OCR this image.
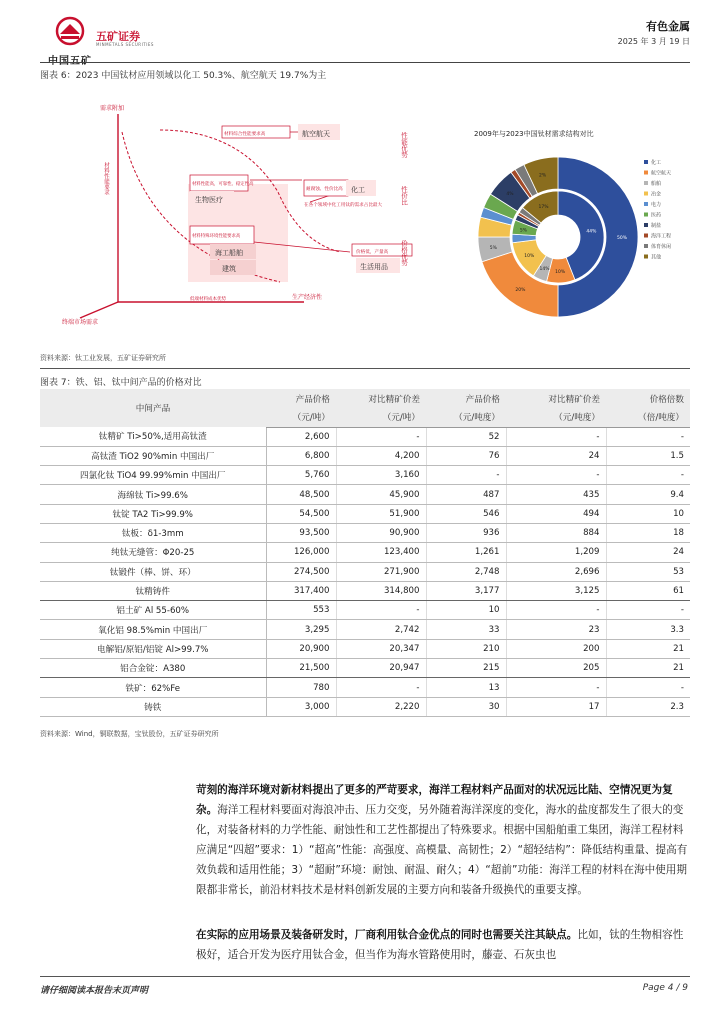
中国五矿
五矿证券
MINMETALS SECURITIES
有色金属
2025 年 3 月 19 日
图表 6：2023 中国钛材应用领域以化工 50.3%、航空航天 19.7%为主
需求附加
材料性能要求
生产经济性
低端材料成本优势
终端市场需求
性能优势
性价比
价格优势
材料综合性能要求高	航空航天
材料性能高，可靠性、稳定性高
生物医疗
耐腐蚀、性价比高 化工
在各个领域中化工用钛的需求占比最大
材料特殊环境性能要求高
海工船舶
建筑
价格低，产量高
生活用品
2009年与2023中国钛材需求结构对比
50%
20%
5%
4%
2%
44%
10%
14%
10%
5%
17%
化工
航空航天
船舶
冶金
电力
医药
制盐
海洋工程
体育休闲
其他
资料来源：钛工业发展，五矿证券研究所
图表 7：铁、铝、钛中间产品的价格对比
中间产品	产品价格	对比精矿价差	产品价格	对比精矿价差	价格倍数
	（元/吨）	（元/吨）	（元/吨度）	（元/吨度）	（倍/吨度）
钛精矿 Ti>50%,适用高钛渣	2,600	-	52	-	-
高钛渣 TiO2 90%min 中国出厂	6,800	4,200	76	24	1.5
四氯化钛 TiO4 99.99%min 中国出厂	5,760	3,160	-	-	-
海绵钛 Ti>99.6%	48,500	45,900	487	435	9.4
钛锭 TA2 Ti>99.9%	54,500	51,900	546	494	10
钛板：δ1-3mm	93,500	90,900	936	884	18
纯钛无缝管：Φ20-25	126,000	123,400	1,261	1,209	24
钛锻件（棒、饼、环）	274,500	271,900	2,748	2,696	53
钛精铸件	317,400	314,800	3,177	3,125	61
铝土矿 Al 55-60%	553	-	10	-	-
氧化铝 98.5%min 中国出厂	3,295	2,742	33	23	3.3
电解铝/原铝/铝锭 Al>99.7%	20,900	20,347	210	200	21
铝合金锭：A380	21,500	20,947	215	205	21
铁矿：62%Fe	780	-	13	-	-
铸铁	3,000	2,220	30	17	2.3
资料来源：Wind，铜联数据，宝钛股份，五矿证券研究所
苛刻的海洋环境对新材料提出了更多的严苛要求，海洋工程材料产品面对的状况远比陆、空情况更为复杂。海洋工程材料要面对海浪冲击、压力交变，另外随着海洋深度的变化，海水的盐度都发生了很大的变化，对装备材料的力学性能、耐蚀性和工艺性都提出了特殊要求。根据中国船舶重工集团，海洋工程材料应满足“四超”要求：1）“超高”性能：高强度、高模量、高韧性；2）“超轻结构”：降低结构重量、提高有效负载和适用性能；3）“超耐”环境：耐蚀、耐温、耐久；4）“超前”功能：海洋工程的材料在海中使用期限都非常长，前沿材料技术是材料创新发展的主要方向和装备升级换代的重要支撑。
在实际的应用场景及装备研发时，厂商利用钛合金优点的同时也需要关注其缺点。比如，钛的生物相容性极好，适合开发为医疗用钛合金，但当作为海水管路使用时，藤壶、石灰虫也
请仔细阅读本报告末页声明	Page 4 / 9
